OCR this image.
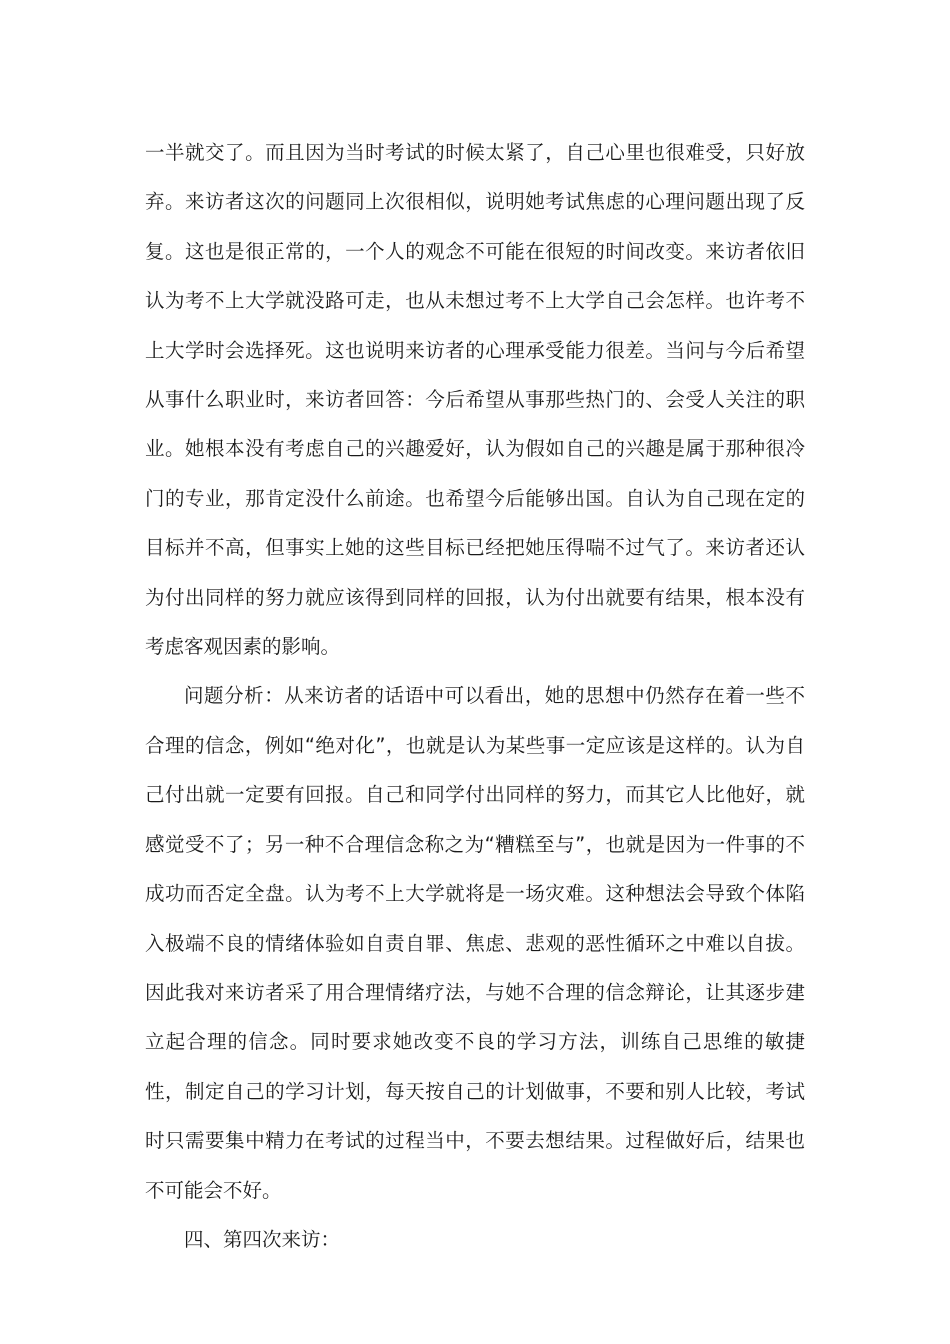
一半就交了。而且因为当时考试的时候太紧了，自己心里也很难受，只好放弃。来访者这次的问题同上次很相似，说明她考试焦虑的心理问题出现了反复。这也是很正常的，一个人的观念不可能在很短的时间改变。来访者依旧认为考不上大学就没路可走，也从未想过考不上大学自己会怎样。也许考不上大学时会选择死。这也说明来访者的心理承受能力很差。当问与今后希望从事什么职业时，来访者回答：今后希望从事那些热门的、会受人关注的职业。她根本没有考虑自己的兴趣爱好，认为假如自己的兴趣是属于那种很冷门的专业，那肯定没什么前途。也希望今后能够出国。自认为自己现在定的目标并不高，但事实上她的这些目标已经把她压得喘不过气了。来访者还认为付出同样的努力就应该得到同样的回报，认为付出就要有结果，根本没有考虑客观因素的影响。

问题分析：从来访者的话语中可以看出，她的思想中仍然存在着一些不合理的信念，例如“绝对化”，也就是认为某些事一定应该是这样的。认为自己付出就一定要有回报。自己和同学付出同样的努力，而其它人比他好，就感觉受不了；另一种不合理信念称之为“糟糕至与”，也就是因为一件事的不成功而否定全盘。认为考不上大学就将是一场灾难。这种想法会导致个体陷入极端不良的情绪体验如自责自罪、焦虑、悲观的恶性循环之中难以自拔。因此我对来访者采了用合理情绪疗法，与她不合理的信念辩论，让其逐步建立起合理的信念。同时要求她改变不良的学习方法，训练自己思维的敏捷性，制定自己的学习计划，每天按自己的计划做事，不要和别人比较，考试时只需要集中精力在考试的过程当中，不要去想结果。过程做好后，结果也不可能会不好。

四、第四次来访：
